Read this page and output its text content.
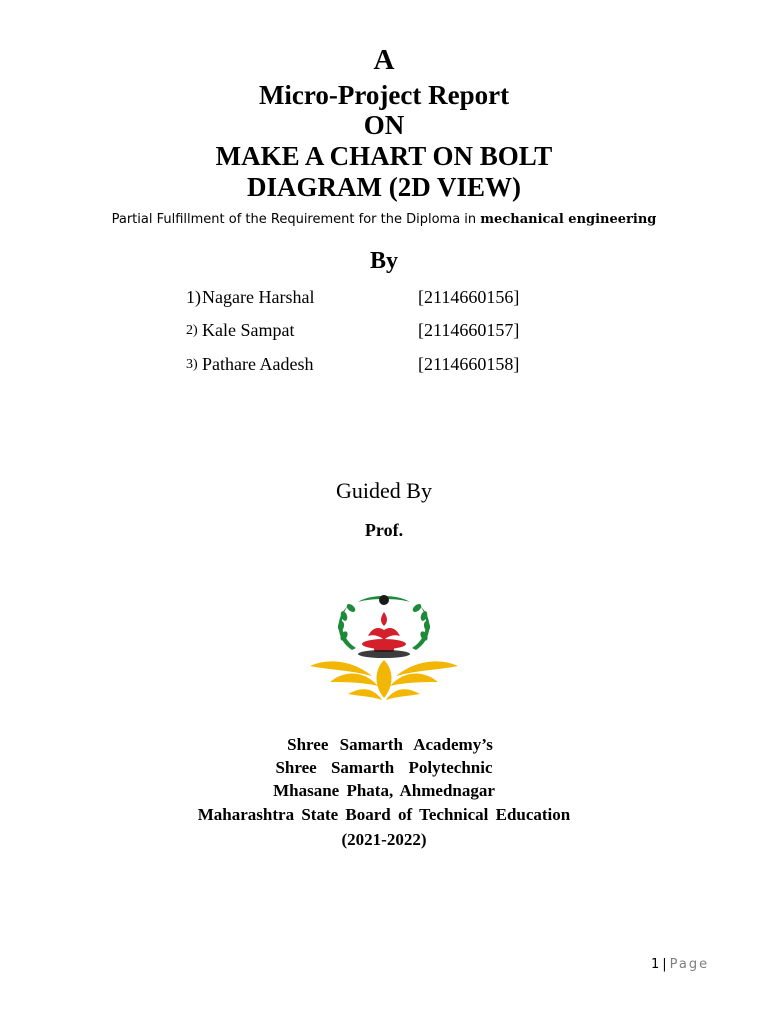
A
Micro-Project Report
ON
MAKE A CHART ON BOLT
DIAGRAM (2D VIEW)
Partial Fulfillment of the Requirement for the Diploma in mechanical engineering
By
1) Nagare Harshal	[2114660156]
2) Kale Sampat	[2114660157]
3) Pathare Aadesh	[2114660158]
Guided By
Prof.
Shree Samarth Academy’s
Shree Samarth Polytechnic
Mhasane Phata, Ahmednagar
Maharashtra State Board of Technical Education
(2021-2022)
1 | Page
